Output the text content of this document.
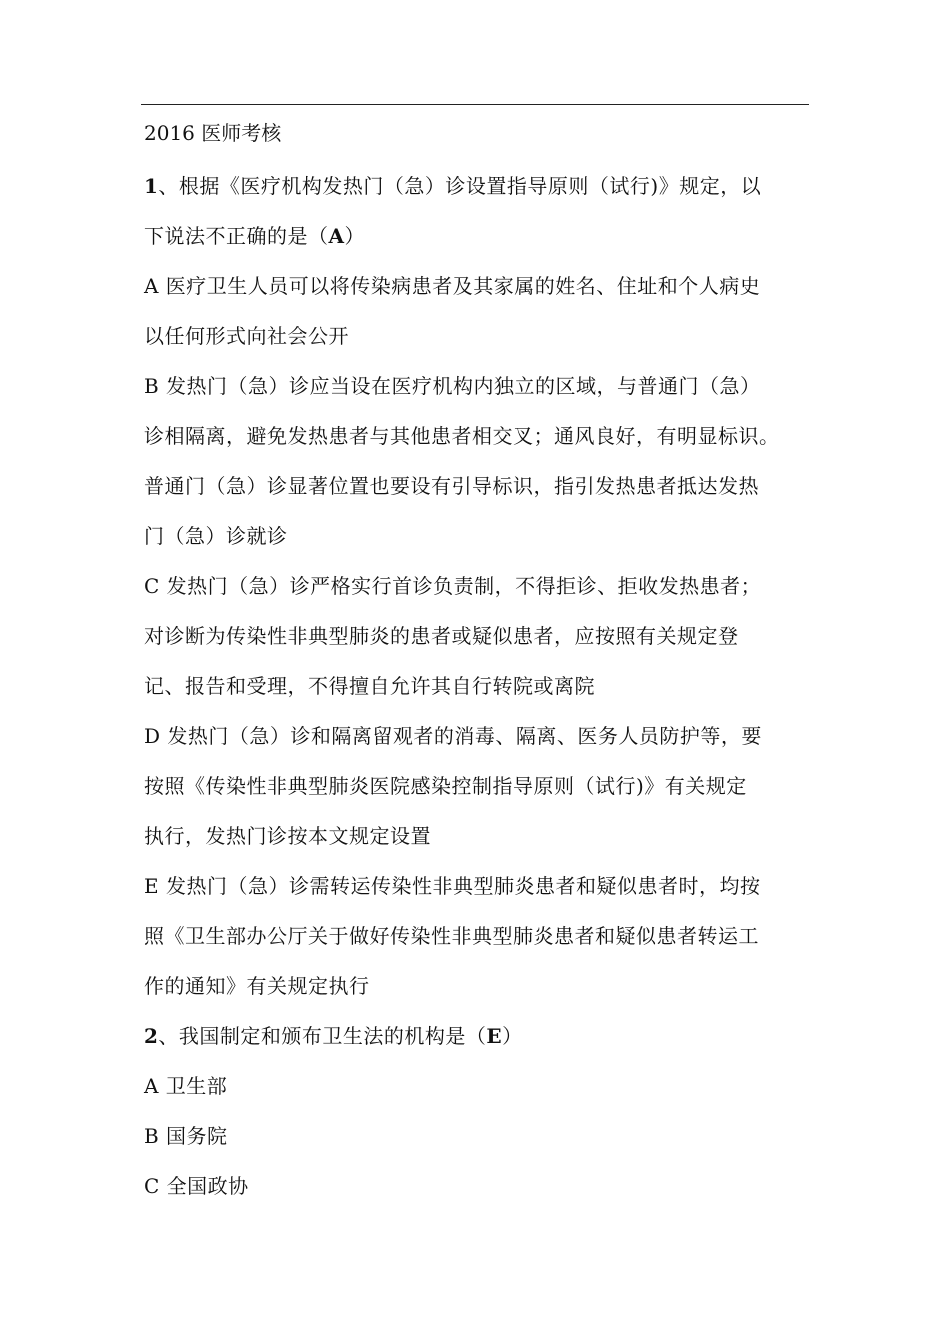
2016 医师考核
1、根据《医疗机构发热门（急）诊设置指导原则（试行)》规定，以
下说法不正确的是（A）
A 医疗卫生人员可以将传染病患者及其家属的姓名、住址和个人病史
以任何形式向社会公开
B 发热门（急）诊应当设在医疗机构内独立的区域，与普通门（急）
诊相隔离，避免发热患者与其他患者相交叉；通风良好，有明显标识。
普通门（急）诊显著位置也要设有引导标识，指引发热患者抵达发热
门（急）诊就诊
C 发热门（急）诊严格实行首诊负责制，不得拒诊、拒收发热患者；
对诊断为传染性非典型肺炎的患者或疑似患者，应按照有关规定登
记、报告和受理，不得擅自允许其自行转院或离院
D 发热门（急）诊和隔离留观者的消毒、隔离、医务人员防护等，要
按照《传染性非典型肺炎医院感染控制指导原则（试行)》有关规定
执行，发热门诊按本文规定设置
E 发热门（急）诊需转运传染性非典型肺炎患者和疑似患者时，均按
照《卫生部办公厅关于做好传染性非典型肺炎患者和疑似患者转运工
作的通知》有关规定执行
2、我国制定和颁布卫生法的机构是（E）
A 卫生部
B 国务院
C 全国政协
